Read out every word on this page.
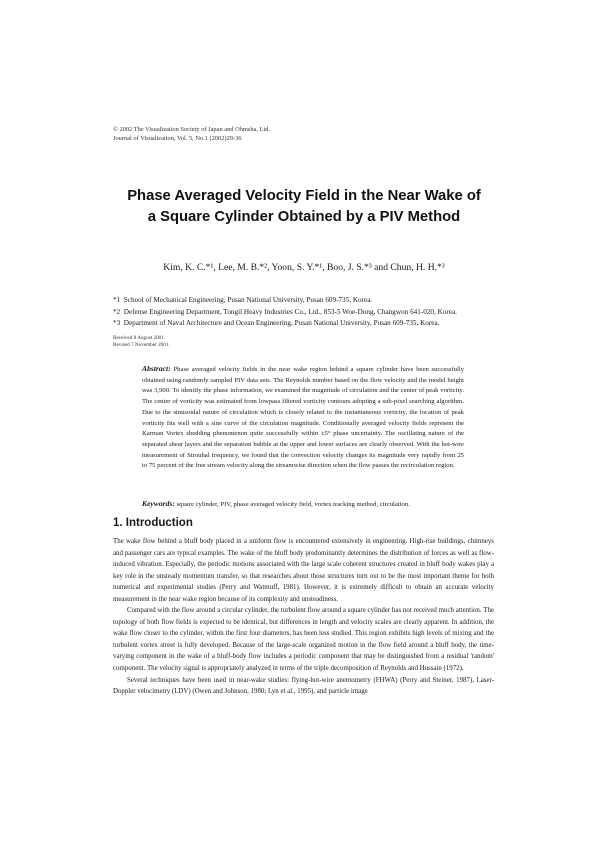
© 2002 The Visualization Society of Japan and Ohmsha, Ltd.
Journal of Visualization, Vol. 5, No.1 (2002)29-36
Phase Averaged Velocity Field in the Near Wake of
a Square Cylinder Obtained by a PIV Method
Kim, K. C.*¹, Lee, M. B.*², Yoon, S. Y.*¹, Boo, J. S.*³ and Chun, H. H.*³
*1 School of Mechanical Engineering, Pusan National University, Pusan 609-735, Korea.
*2 Defense Engineering Department, Tongil Heavy Industries Co., Ltd., 853-5 Woe-Dong, Changwon 641-020, Korea.
*3 Department of Naval Architecture and Ocean Engineering, Pusan National University, Pusan 609-735, Korea.
Received 8 August 2001.
Revised 7 November 2001.
Abstract: Phase averaged velocity fields in the near wake region behind a square cylinder have been successfully obtained using randomly sampled PIV data sets. The Reynolds number based on the flow velocity and the model height was 3,900. To identify the phase information, we examined the magnitude of circulation and the center of peak vorticity. The center of vorticity was estimated from lowpass filtered vorticity contours adopting a sub-pixel searching algorithm. Due to the sinusoidal nature of circulation which is closely related to the instantaneous vorticity, the location of peak vorticity fits well with a sine curve of the circulation magnitude. Conditionally averaged velocity fields represent the Karman Vortex shedding phenomenon quite successfully within ±5° phase uncertainty. The oscillating nature of the separated shear layers and the separation bubble at the upper and lower surfaces are clearly observed. With the hot-wire measurement of Strouhal frequency, we found that the convection velocity changes its magnitude very rapidly from 25 to 75 percent of the free stream velocity along the streamwise direction when the flow passes the recirculation region.
Keywords: square cylinder, PIV, phase averaged velocity field, vortex tracking method, circulation.
1. Introduction

The wake flow behind a bluff body placed in a uniform flow is encountered extensively in engineering. High-rise buildings, chimneys and passenger cars are typical examples. The wake of the bluff body predominantly determines the distribution of forces as well as flow-induced vibration. Especially, the periodic motions associated with the large scale coherent structures created in bluff body wakes play a key role in the unsteady momentum transfer, so that researches about those structures turn out to be the most important theme for both numerical and experimental studies (Perry and Watmuff, 1981). However, it is extremely difficult to obtain an accurate velocity measurement in the near wake region because of its complexity and unsteadiness.

Compared with the flow around a circular cylinder, the turbulent flow around a square cylinder has not received much attention. The topology of both flow fields is expected to be identical, but differences in length and velocity scales are clearly apparent. In addition, the wake flow closer to the cylinder, within the first four diameters, has been less studied. This region exhibits high levels of mixing and the turbulent vortex street is fully developed. Because of the large-scale organized motion in the flow field around a bluff body, the time-varying component in the wake of a bluff-body flow includes a periodic component that may be distinguished from a residual 'random' component. The velocity signal is appropriately analyzed in terms of the triple decomposition of Reynolds and Hussain (1972).

Several techniques have been used in near-wake studies: flying-hot-wire anemometry (FHWA) (Perry and Steiner, 1987), Laser-Doppler velocimetry (LDV) (Owen and Johnson, 1980; Lyn et al., 1995), and particle image
